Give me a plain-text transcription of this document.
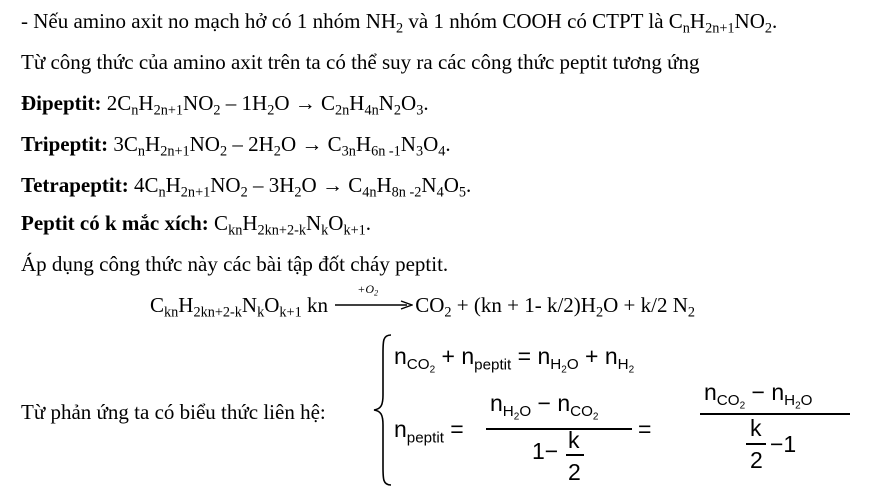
- Nếu amino axit no mạch hở có 1 nhóm $NH_2$ và 1 nhóm COOH có CTPT là $C_nH_{2n+1}NO_2$.
Từ công thức của amino axit trên ta có thể suy ra các công thức peptit tương ứng
Đipeptit: $2C_nH_{2n+1}NO_2 - 1H_2O \to C_{2n}H_{4n}N_2O_3$.
Tripeptit: $3C_nH_{2n+1}NO_2 - 2H_2O \to C_{3n}H_{6n -1}N_3O_4$.
Tetrapeptit: $4C_nH_{2n+1}NO_2 - 3H_2O \to C_{4n}H_{8n -2}N_4O_5$.
Peptit có k mắc xích: $C_{kn}H_{2kn+2-k}N_kO_{k+1}$.
Áp dụng công thức này các bài tập đốt cháy peptit.
$C_{kn}H_{2kn+2-k}N_kO_{k+1}$ kn
$+O_2$
$CO_2 + (kn + 1-$ $k/2)H_2O + k/2$ $N_2$
Từ phản ứng ta có biểu thức liên hệ:
$n_{CO_2} + n_{peptit} = n_{H_2O} + n_{H_2}$
$n_{peptit}$ =
$n_{H_2O} - n_{CO_2}$
1− k
2
=
$n_{CO_2} - n_{H_2O}$
k
2
−1
